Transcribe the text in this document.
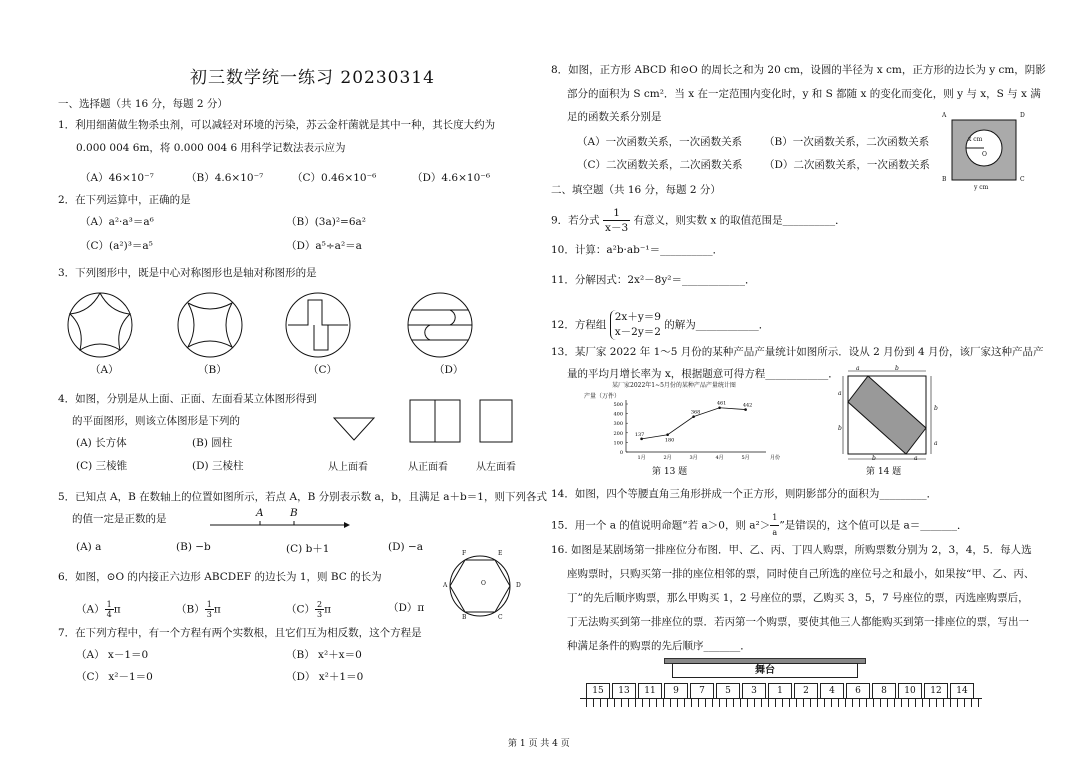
初三数学统一练习 20230314
一、选择题（共 16 分，每题 2 分）
1．利用细菌做生物杀虫剂，可以减轻对环境的污染，苏云金杆菌就是其中一种，其长度大约为
0.000 004 6m，将 0.000 004 6 用科学记数法表示应为
（A）46×10⁻⁷	（B）4.6×10⁻⁷	（C）0.46×10⁻⁶	（D）4.6×10⁻⁶
2．在下列运算中，正确的是
（A）a²·a³＝a⁶	（B）(3a)²=6a²
（C）(a²)³＝a⁵	（D）a⁵÷a²＝a
3．下列图形中，既是中心对称图形也是轴对称图形的是
（A）	（B）	（C）	（D）
4．如图，分别是从上面、正面、左面看某立体图形得到
的平面图形，则该立体图形是下列的
(A) 长方体	(B) 圆柱
(C) 三棱锥	(D) 三棱柱	从上面看	从正面看	从左面看
5．已知点 A，B 在数轴上的位置如图所示，若点 A，B 分别表示数 a，b，且满足 a＋b＝1，则下列各式
的值一定是正数的是	A	B
(A) a	(B) −b	(C) b＋1	(D) −a
6．如图，⊙O 的内接正六边形 ABCDEF 的边长为 1，则 BC 的长为
F	E
A	D
B	C
O
$(A) \frac{1}{4}$ π	$(B) \frac{1}{3}$ π	$(C) \frac{2}{3}$ π	（D）π
7．在下列方程中，有一个方程有两个实数根，且它们互为相反数，这个方程是
（A） x－1＝0	（B） x²＋x＝0
（C） x²－1＝0	（D） x²＋1＝0
8．如图，正方形 ABCD 和⊙O 的周长之和为 20 cm，设圆的半径为 x cm，正方形的边长为 y cm，阴影
部分的面积为 S cm²．当 x 在一定范围内变化时，y 和 S 都随 x 的变化而变化，则 y 与 x，S 与 x 满
足的函数关系分别是
（A）一次函数关系，一次函数关系 （B）一次函数关系，二次函数关系
（C）二次函数关系，二次函数关系 （D）二次函数关系，一次函数关系
A	D
B	C
x cm
O
y cm
二、填空题（共 16 分，每题 2 分）
9．若分式 $\frac{1}{x-3}$ 有意义，则实数 x 的取值范围是__________．
10．计算：a²b·ab⁻¹＝__________．
11．分解因式：2x²－8y²＝____________．
12．方程组
2x＋y＝9
x－2y＝2
的解为____________．
13．某厂家 2022 年 1～5 月份的某种产品产量统计如图所示．设从 2 月份到 4 月份，该厂家这种产品产
量的平均月增长率为 x，根据题意可得方程____________．
某厂家2022年1~5月份的某种产品产量统计图
产量（万件）
0
100
200
300
400
500
1月	2月	3月	4月	5月	月份
137
180
368
461	442
第 13 题
a	b
b	a
a
b
b
a
第 14 题
14．如图，四个等腰直角三角形拼成一个正方形，则阴影部分的面积为_________．
15．用一个 a 的值说明命题“若 a＞0，则 $a^2> \frac{1}{a}$ ”是错误的，这个值可以是 a＝_______．
16. 如图是某剧场第一排座位分布图．甲、乙、丙、丁四人购票，所购票数分别为 2，3，4，5．每人选
座购票时，只购买第一排的座位相邻的票，同时使自己所选的座位号之和最小，如果按“甲、乙、丙、
丁”的先后顺序购票，那么甲购买 1，2 号座位的票，乙购买 3，5，7 号座位的票，丙选座购票后，
丁无法购买到第一排座位的票．若丙第一个购票，要使其他三人都能购买到第一排座位的票，写出一
种满足条件的购票的先后顺序_______．
舞台
15	13	11	9	7	5	3	1	2	4	6	8	10	12	14
第 1 页 共 4 页
